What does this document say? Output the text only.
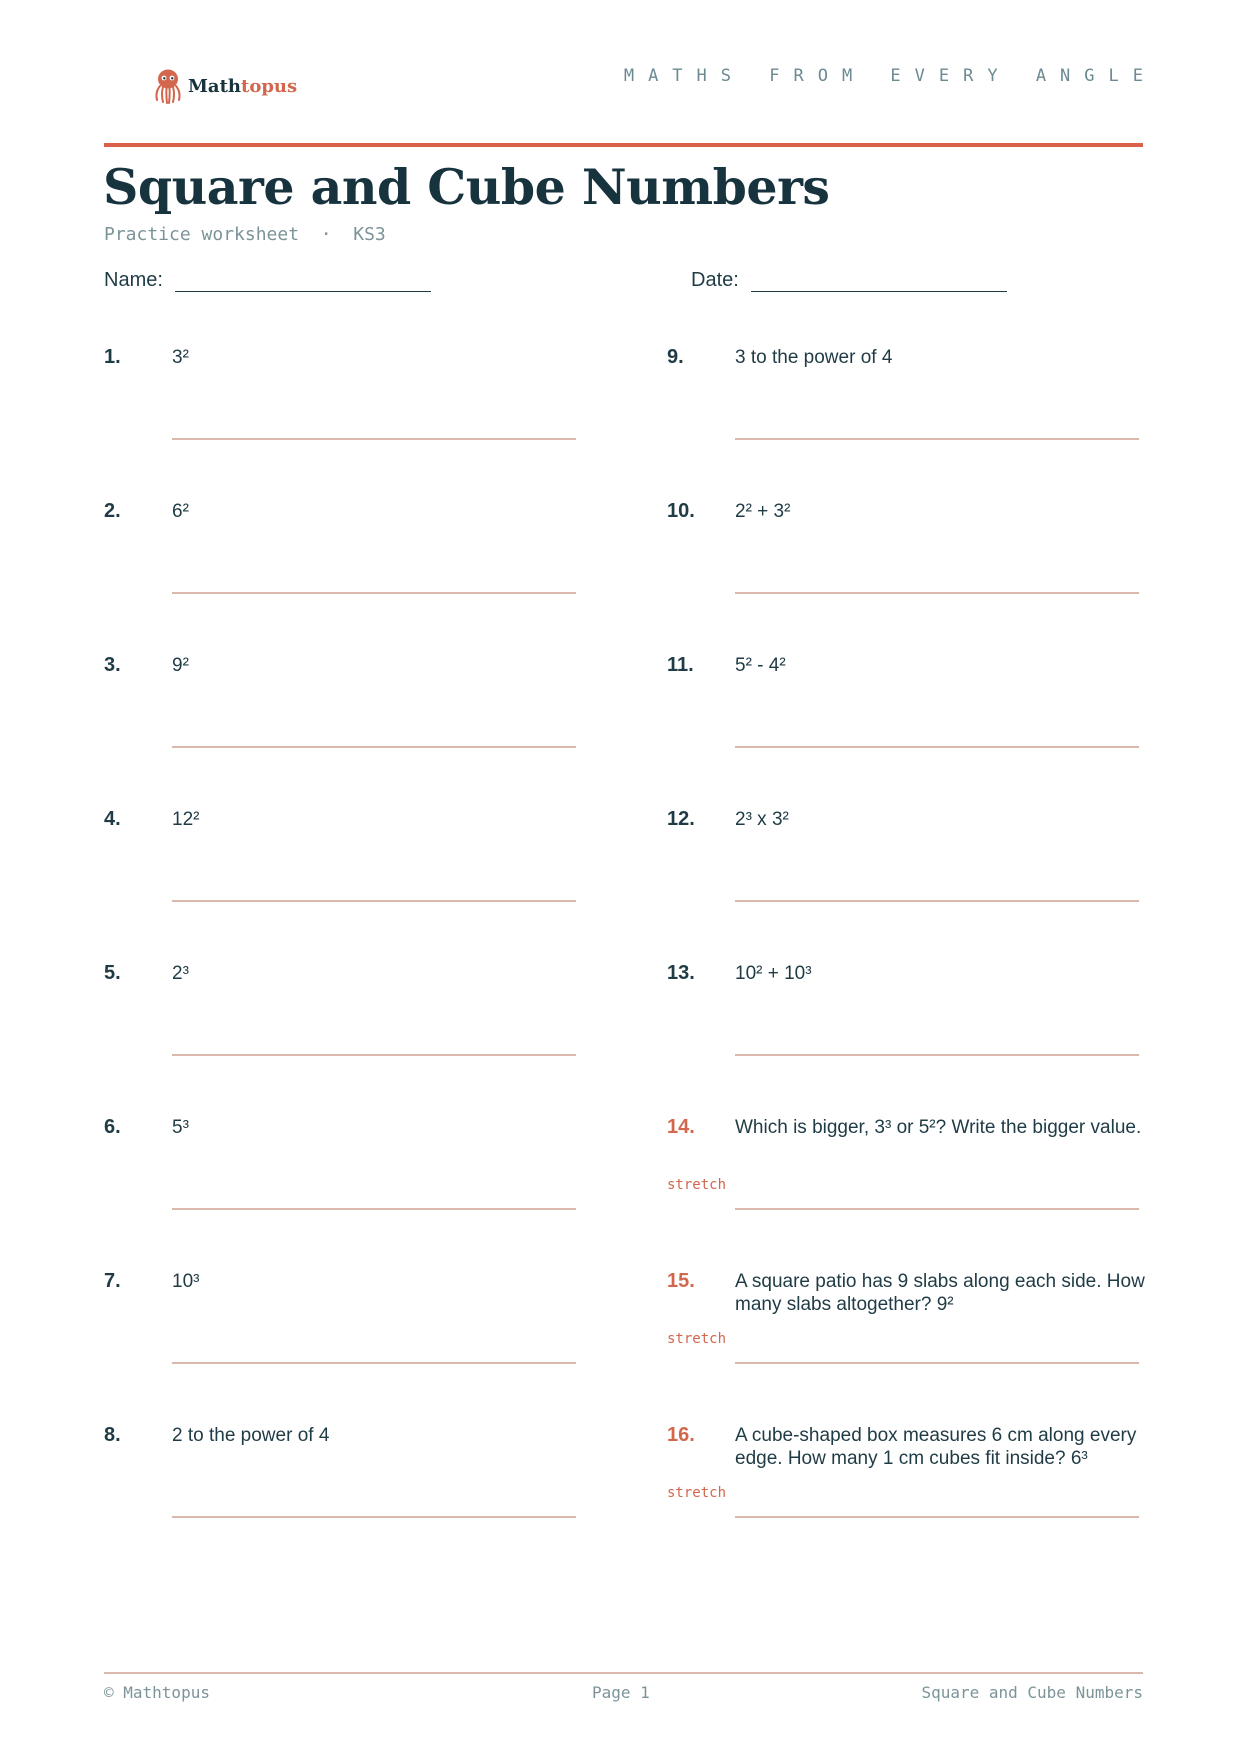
Mathtopus	MATHS FROM EVERY ANGLE
Square and Cube Numbers
Practice worksheet  ·  KS3
Name:	Date:
1.	3²
2.	6²
3.	9²
4.	12²
5.	2³
6.	5³
7.	10³
8.	2 to the power of 4
9.	3 to the power of 4
10. 2² + 3²
11. 5² - 4²
12. 2³ x 3²
13. 10² + 10³
14. Which is bigger, 3³ or 5²? Write the bigger value.
stretch
15. A square patio has 9 slabs along each side. How many slabs altogether? 9²
stretch
16. A cube-shaped box measures 6 cm along every edge. How many 1 cm cubes fit inside? 6³
stretch
© Mathtopus	Page 1	Square and Cube Numbers
